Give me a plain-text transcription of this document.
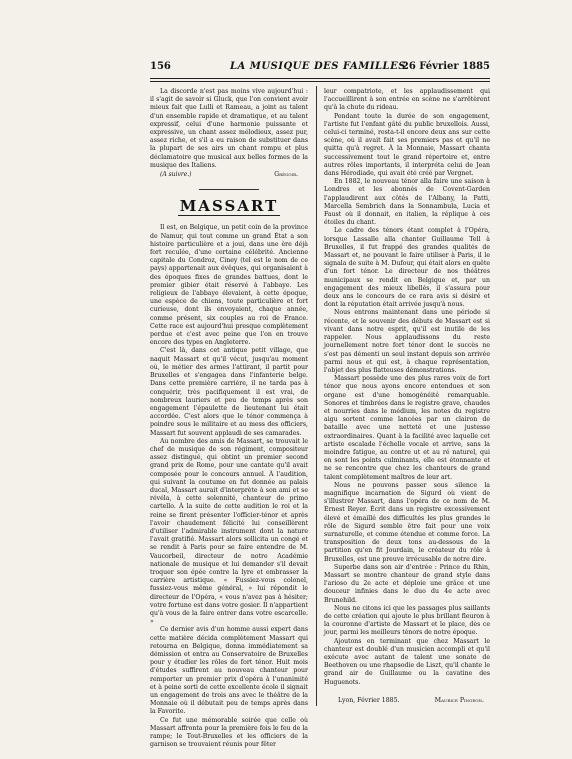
156	LA MUSIQUE DES FAMILLES
26 Février 1885

La discorde n'est pas moins vive aujourd'hui : il s'agit de savoir si Gluck, que l'on convient avoir mieux fait que Lulli et Rameau, a joint au talent d'un ensemble rapide et dramatique, et au talent expressif, celui d'une harmonie puissante et expressive, un chant assez mélodieux, assez pur, assez riche, et s'il a eu raison de substituer dans la plupart de ses airs un chant rompu et plus déclamatoire que musical aux belles formes de la musique des Italiens.

(A suivre.)	Grégoir.
MASSART

Il est, en Belgique, un petit coin de la province de Namur, qui tout comme un grand État a son histoire particulière et a joui, dans une ère déjà fort reculée, d'une certaine célébrité. Ancienne capitale du Condroz, Ciney (tel est le nom de ce pays) appartenait aux évêques, qui organisaient à des époques fixes de grandes battues, dont le premier gibier était réservé à l'abbaye. Les religieux de l'abbaye élevaient, à cette époque, une espèce de chiens, toute particulière et fort curieuse, dont ils envoyaient, chaque année, comme présent, six couples au roi de France. Cette race est aujourd'hui presque complètement perdue et c'est avec peine que l'on en trouve encore des types en Angleterre.

C'est là, dans cet antique petit village, que naquit Massart et qu'il vécut, jusqu'au moment où, le métier des armes l'attirant, il partit pour Bruxelles et s'engagea dans l'infanterie belge. Dans cette première carrière, il ne tarda pas à conquérir, très pacifiquement il est vrai, de nombreux lauriers et peu de temps après son engagement l'épaulette de lieutenant lui était accordée. C'est alors que le ténor commença à poindre sous le militaire et au mess des officiers, Massart fut souvent applaudi de ses camarades.

Au nombre des amis de Massart, se trouvait le chef de musique de son régiment, compositeur assez distingué, qui obtint un premier second grand prix de Rome, pour une cantate qu'il avait composée pour le concours annuel. À l'audition, qui suivant la coutume en fut donnée au palais ducal, Massart aurait d'interprète à son ami et se révéla, à cette solennité, chanteur de primo cartello. À la suite de cette audition le roi et la reine se firent présenter l'officier-ténor et après l'avoir chaudement félicité lui conseillèrent d'utiliser l'admirable instrument dont la nature l'avait gratifié. Massart alors sollicita un congé et se rendit à Paris pour se faire entendre de M. Vaucorbeil, directeur de notre Académie nationale de musique et lui demander s'il devait troquer son épée contre la lyre et embrasser la carrière artistique. « Fussiez-vous colonel, fussiez-vous même général, » lui répondit le directeur de l'Opéra, « vous n'avez pas à hésiter; votre fortune est dans votre gosier. Il n'appartient qu'à vous de la faire entrer dans votre escarcelle. »

Ce dernier avis d'un homme aussi expert dans cette matière décida complètement Massart qui retourna en Belgique, donna immédiatement sa démission et entra au Conservatoire de Bruxelles pour y étudier les rôles de fort ténor. Huit mois d'études suffirent au nouveau chanteur pour remporter un premier prix d'opéra à l'unanimité et à peine sorti de cette excellente école il signait un engagement de trois ans avec le théâtre de la Monnaie où il débutait peu de temps après dans la Favorite.

Ce fut une mémorable soirée que celle où Massart affronta pour la première fois le feu de la rampe; le Tout-Bruxelles et les officiers de la garnison se trouvaient réunis pour fêter

leur compatriote, et les applaudissement qui l'accueillirent à son entrée en scène ne s'arrêtèrent qu'à la chute du rideau.

Pendant toute la durée de son engagement, l'artiste fut l'enfant gâté du public bruxellois. Aussi, celui-ci terminé, resta-t-il encore deux ans sur cette scène, où il avait fait ses premiers pas et qu'il ne quitta qu'à regret. À la Monnaie, Massart chanta successivement tout le grand répertoire et, entre autres rôles importants, il interpréta celui de Jean dans Hérodiade, qui avait été créé par Vergnet.

En 1882, le nouveau ténor alla faire une saison à Londres et les abonnés de Covent-Garden l'applaudirent aux côtés de l'Albany, la Patti, Marcella Sembrich dans la Sonnambula, Lucia et Faust où il donnait, en italien, la réplique à ces étoiles du chant.

Le cadre des ténors étant complet à l'Opéra, lorsque Lassalle alla chanter Guillaume Tell à Bruxelles, il fut frappé des grandes qualités de Massart et, ne pouvant le faire utiliser à Paris, il le signala de suite à M. Dufour, qui était alors en quête d'un fort ténor. Le directeur de nos théâtres municipaux se rendit en Belgique et, par un engagement des mieux libellés, il s'assura pour deux ans le concours de ce rara avis si désiré et dont la réputation était arrivée jusqu'à nous.

Nous entrons maintenant dans une période si récente, et le souvenir des débuts de Massart est si vivant dans notre esprit, qu'il est inutile de les rappeler. Nous applaudissons du reste journellement notre fort ténor dont le succès ne s'est pas démenti un seul instant depuis son arrivée parmi nous et qui est, à chaque représentation, l'objet des plus flatteuses démonstrations.

Massart possède une des plus rares voix de fort ténor que nous ayons encore entendues et son organe est d'une homogénéité remarquable. Sonores et timbrées dans le registre grave, chaudes et nourries dans le médium, les notes du registre aigu sortent comme lancées par un clairon de bataille avec une netteté et une justesse extraordinaires. Quant à la facilité avec laquelle cet artiste escalade l'échelle vocale et arrive, sans la moindre fatigue, au contre ut et au ré naturel, qui en sont les points culminants, elle est étonnante et ne se rencontre que chez les chanteurs de grand talent complètement maîtres de leur art.

Nous ne pouvons passer sous silence la magnifique incarnation de Sigurd où vient de s'illustrer Massart, dans l'opéra de ce nom de M. Ernest Reyer. Écrit dans un registre excessivement élevé et émaillé des difficultés les plus grandes le rôle de Sigurd semble être fait pour une voix surnaturelle, et comme étendue et comme force. La transposition de deux tons au-dessous de la partition qu'en fit Jourdain, le créateur du rôle à Bruxelles, est une preuve irrécusable de notre dire.

Superbe dans son air d'entrée : Prince du Rhin, Massart se montre chanteur de grand style dans l'arioso du 2e acte et déploie une grâce et une douceur infinies dans le duo du 4e acte avec Brunehild.

Nous ne citons ici que les passages plus saillants de cette création qui ajoute le plus brillant fleuron à la couronne d'artiste de Massart et le place, dès ce jour, parmi les meilleurs ténors de notre époque.

Ajoutons en terminant que chez Massart le chanteur est doublé d'un musicien accompli et qu'il exécute avec autant de talent une sonate de Beethoven ou une rhapsodie de Liszt, qu'il chante le grand air de Guillaume ou la cavatine des Huguenots.

Lyon, Février 1885.	Maurice Pingeon.
